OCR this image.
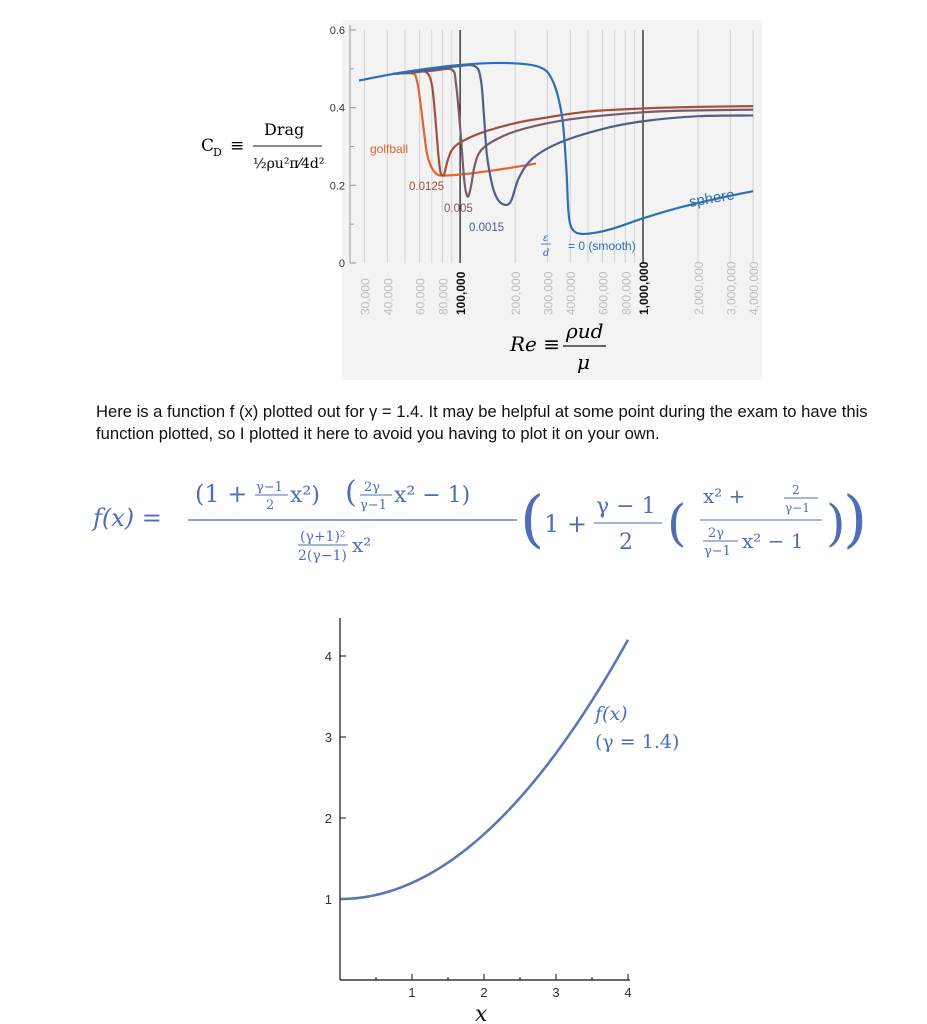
0
0.2
0.4
0.6
30,000 40,000 60,000 80,000 100,000	200,000 300,000 400,000 600,000 800,000 1,000,000	2,000,000 3,000,000 4,000,000
golfball
0.0125
0.005
0.0015
= 0 (smooth)
ε
d
sphere
C
D ≡
Drag
½ρu²π⁄4d²
Re ≡
ρud
μ
Here is a function f (x) plotted out for γ = 1.4. It may be helpful at some point during the exam to have this function plotted, so I plotted it here to avoid you having to plot it on your own.
f(x) =
(1 + γ−1
2 x²) ( 2γ
γ−1 x² − 1)
(γ+1)²
2(γ−1) x² ( 1 +
γ − 1
2 ( x² +	2
γ−1
2γ
γ−1 x² − 1 )
)
1	2	3	4
1
2
3
4
f(x)
(γ = 1.4)
x
